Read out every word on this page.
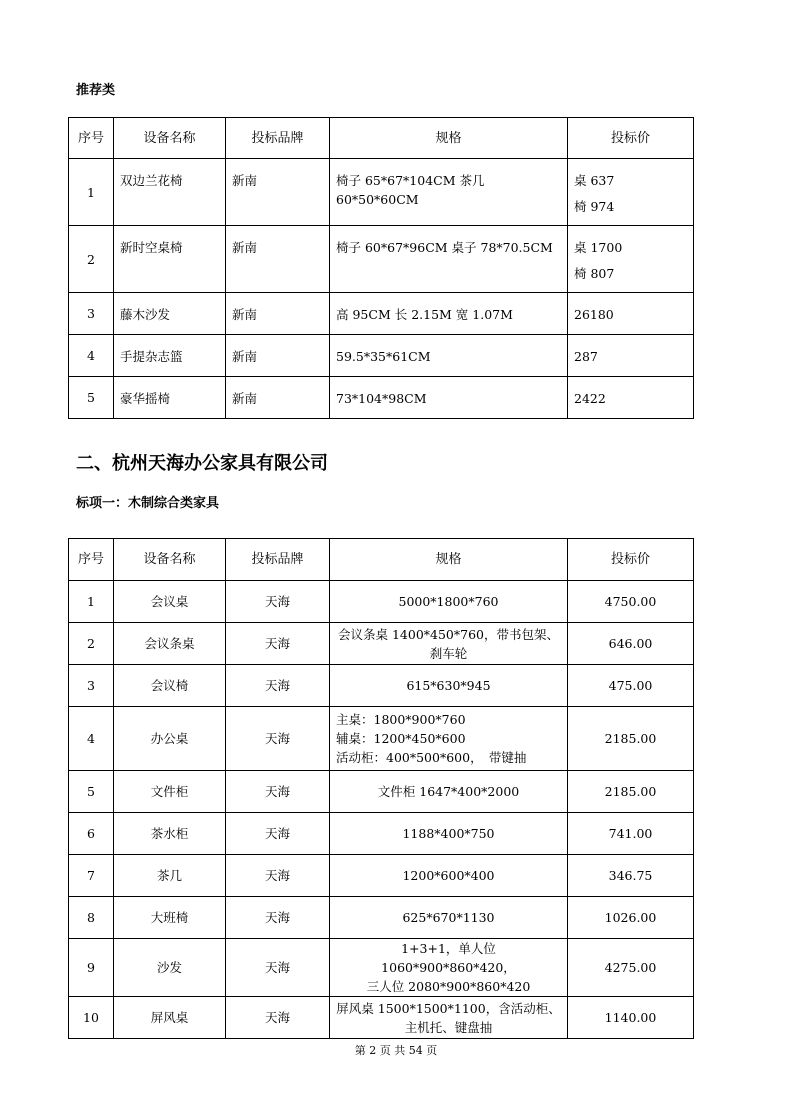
推荐类
序号	设备名称	投标品牌	规格	投标价
1	双边兰花椅	新南	椅子 65*67*104CM 茶几 60*50*60CM	桌 637
椅 974

2	新时空桌椅	新南	椅子 60*67*96CM 桌子 78*70.5CM	桌 1700
椅 807

3	藤木沙发	新南	高 95CM 长 2.15M 宽 1.07M	26180
4	手提杂志篮	新南	59.5*35*61CM	287
5	豪华摇椅	新南	73*104*98CM	2422
二、杭州天海办公家具有限公司
标项一：木制综合类家具
序号	设备名称	投标品牌	规格	投标价
1	会议桌	天海	5000*1800*760	4750.00
2	会议条桌	天海	会议条桌 1400*450*760，带书包架、
刹车轮	646.00
3	会议椅	天海	615*630*945	475.00
4	办公桌	天海	主桌：1800*900*760
辅桌：1200*450*600
活动柜：400*500*600，　带键抽	2185.00
5	文件柜	天海	文件柜 1647*400*2000	2185.00
6	茶水柜	天海	1188*400*750	741.00
7	茶几	天海	1200*600*400	346.75
8	大班椅	天海	625*670*1130	1026.00
9	沙发	天海	1+3+1，单人位 1060*900*860*420，
三人位 2080*900*860*420	4275.00
10	屏风桌	天海	屏风桌 1500*1500*1100，含活动柜、
主机托、键盘抽	1140.00
第 2 页 共 54 页
